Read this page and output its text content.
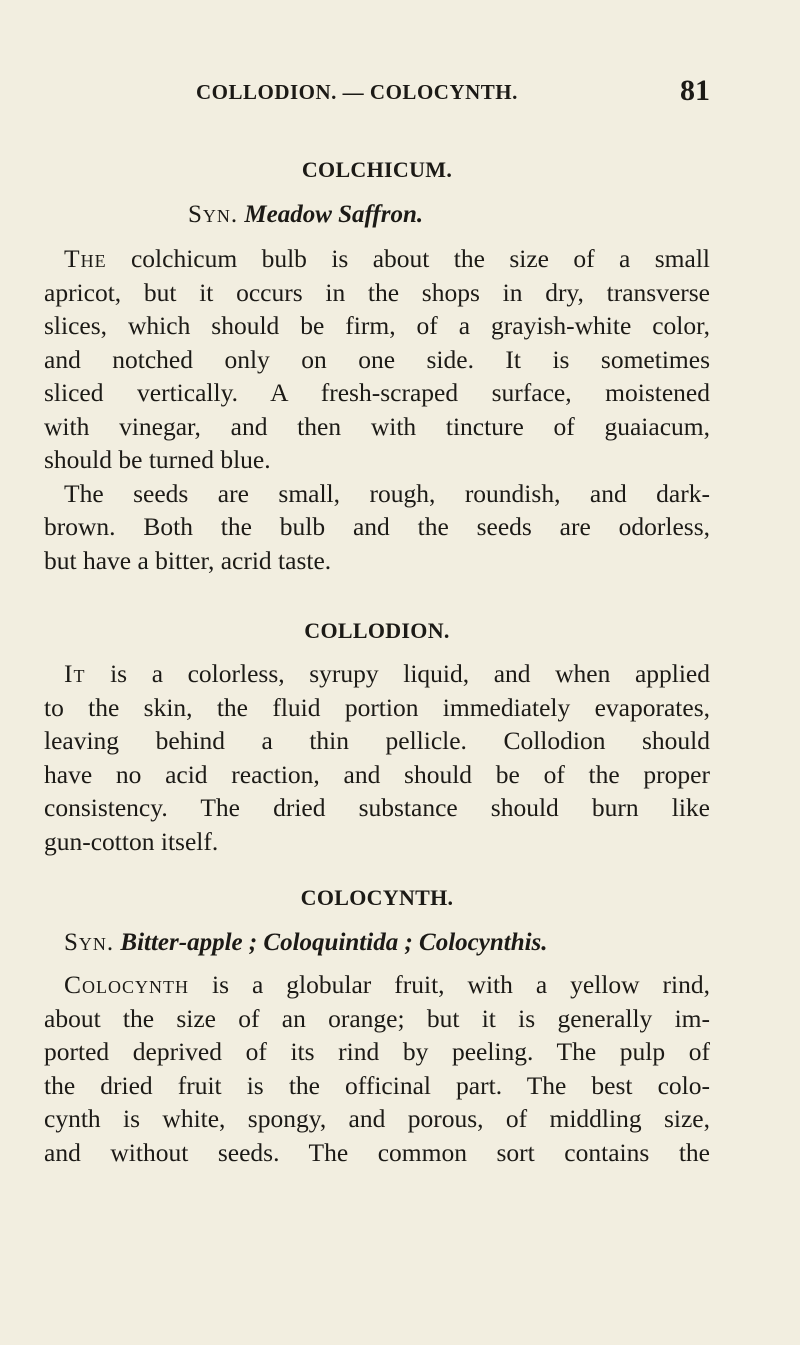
COLLODION. — COLOCYNTH.	81
COLCHICUM.

Syn. Meadow Saffron.

The colchicum bulb is about the size of a small
apricot, but it occurs in the shops in dry, transverse
slices, which should be firm, of a grayish-white color,
and notched only on one side. It is sometimes
sliced vertically. A fresh-scraped surface, moistened
with vinegar, and then with tincture of guaiacum,
should be turned blue.
The seeds are small, rough, roundish, and dark-
brown. Both the bulb and the seeds are odorless,
but have a bitter, acrid taste.
COLLODION.
It is a colorless, syrupy liquid, and when applied
to the skin, the fluid portion immediately evaporates,
leaving behind a thin pellicle. Collodion should
have no acid reaction, and should be of the proper
consistency. The dried substance should burn like
gun-cotton itself.
COLOCYNTH.

Syn. Bitter-apple ; Coloquintida ; Colocynthis.

Colocynth is a globular fruit, with a yellow rind,
about the size of an orange; but it is generally im-
ported deprived of its rind by peeling. The pulp of
the dried fruit is the officinal part. The best colo-
cynth is white, spongy, and porous, of middling size,
and without seeds. The common sort contains the
